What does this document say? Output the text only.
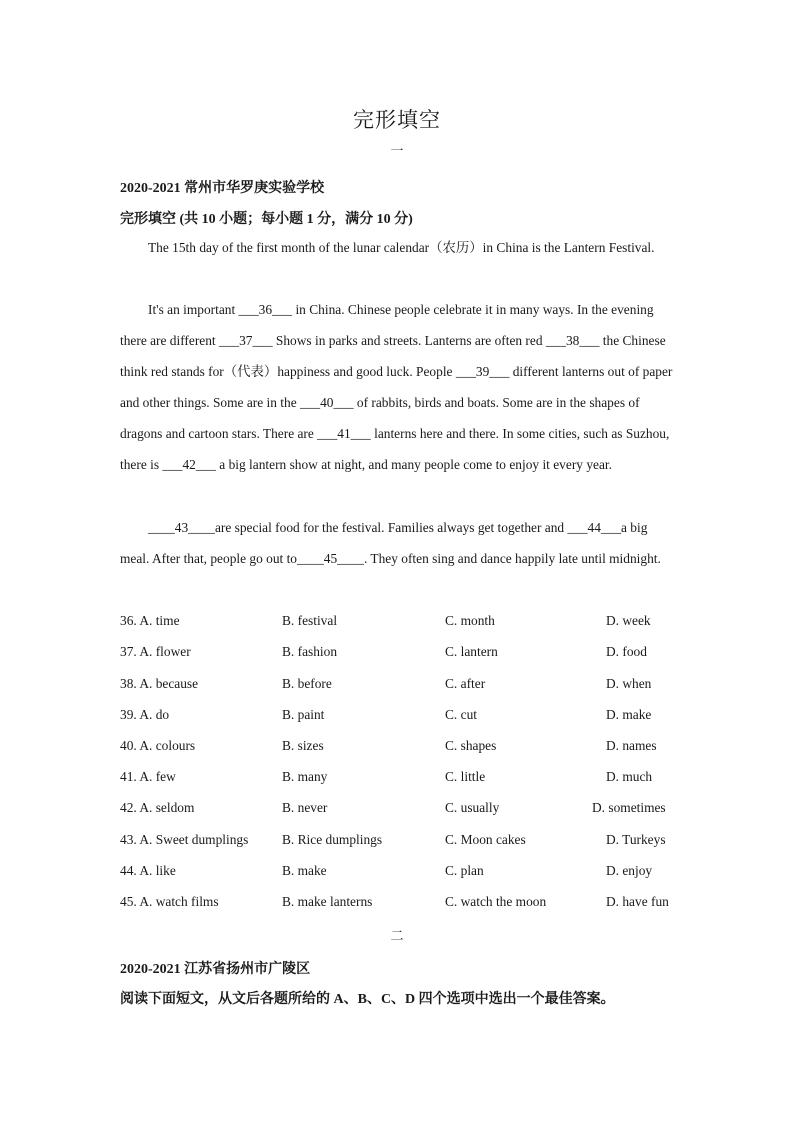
完形填空
一
2020-2021 常州市华罗庚实验学校
完形填空 (共 10 小题；每小题 1 分，满分 10 分)

The 15th day of the first month of the lunar calendar（农历）in China is the Lantern Festival.

It's an important ___36___ in China. Chinese people celebrate it in many ways. In the evening there are different ___37___ Shows in parks and streets. Lanterns are often red ___38___ the Chinese think red stands for（代表）happiness and good luck. People ___39___ different lanterns out of paper and other things. Some are in the ___40___ of rabbits, birds and boats. Some are in the shapes of dragons and cartoon stars. There are ___41___ lanterns here and there. In some cities, such as Suzhou, there is ___42___ a big lantern show at night, and many people come to enjoy it every year.

____43____are special food for the festival. Families always get together and ___44___a big meal. After that, people go out to____45____. They often sing and dance happily late until midnight.

36. A. time	B. festival	C. month	D. week
37. A. flower	B. fashion	C. lantern	D. food
38. A. because	B. before	C. after	D. when
39. A. do	B. paint	C. cut	D. make
40. A. colours	B. sizes	C. shapes	D. names
41. A. few	B. many	C. little	D. much
42. A. seldom	B. never	C. usually	D. sometimes
43. A. Sweet dumplings	B. Rice dumplings	C. Moon cakes	D. Turkeys
44. A. like	B. make	C. plan	D. enjoy
45. A. watch films	B. make lanterns	C. watch the moon	D. have fun
二
2020-2021 江苏省扬州市广陵区
阅读下面短文，从文后各题所给的 A、B、C、D 四个选项中选出一个最佳答案。
